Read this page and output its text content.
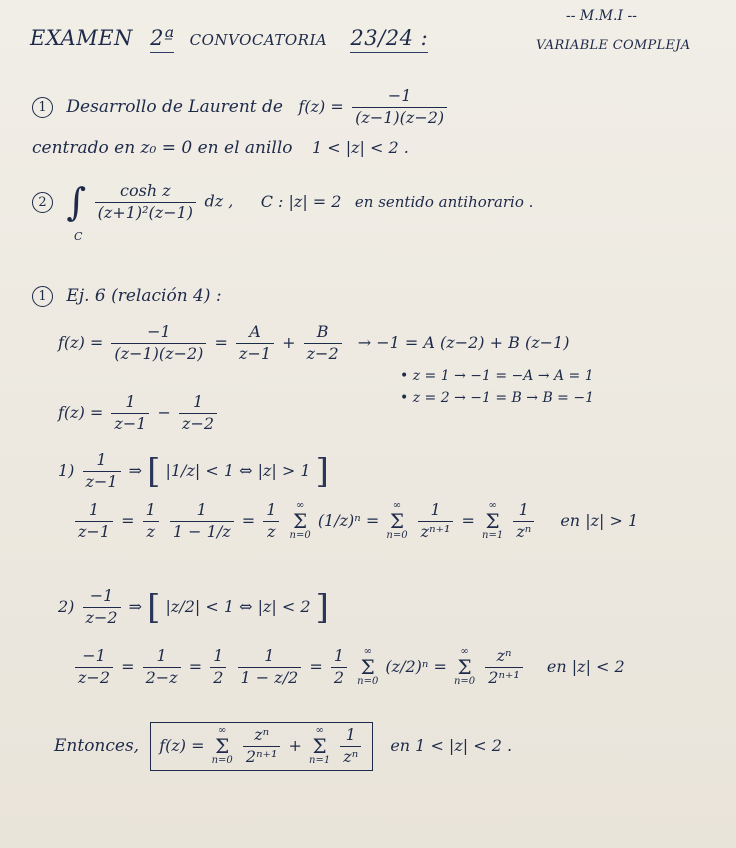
EXAMEN 2ª CONVOCATORIA 23/24 :
-- M.M.I --
VARIABLE COMPLEJA
1 Desarrollo de Laurent de $f(z) = \frac{-1}{(z-1)(z-2)}$
centrado en z₀ = 0 en el anillo 1 < |z| < 2 .
2 ∫ $\frac{\text{cosh z}}{\text{(z+1)²(z−1)}}$ dz , C : |z| = 2 en sentido antihorario .
C
1 Ej. 6 (relación 4) :
$f(z) = \frac{-1}{(z-1)(z-2)} = \frac{A}{z-1} + \frac{B}{z-2} \to -1 = A$ (z−2) + B (z−1)
• z = 1 → −1 = −A → A = 1
• z = 2 → −1 = B → B = −1
$f(z) = \frac{1}{z-1} - \frac{1}{z-2}$
$1) \frac{1}{z-1}$ ⇒ [ |1/z| < 1 ⇔ |z| > 1 ]
$\frac{1}{z-1} = \frac{1}{z}$
$\frac{1}{1 - 1/z} = \frac{1}{z}$
	∞
Σ
n=0
(1/z)ⁿ =
∞
Σ
n=0
$\frac{1}{\text{zⁿ⁺¹}}$ =
∞
Σ
n=1
$\frac{1}{\text{zⁿ}}$ en |z| > 1
$2) \frac{-1}{z-2}$ ⇒ [ |z/2| < 1 ⇔ |z| < 2 ]
$\frac{-1}{z-2} = \frac{1}{2-z} = \frac{1}{2}$
$\frac{1}{1 - z/2} = \frac{1}{2}$
	∞
Σ
n=0
(z/2)ⁿ =
∞
Σ
n=0
$\frac{\text{zⁿ}}{\text{2ⁿ⁺¹}}$ en |z| < 2
Entonces, f(z) =
∞
Σ
n=0
$\frac{\text{zⁿ}}{\text{2ⁿ⁺¹}}$ +
∞
Σ
n=1
$\frac{1}{\text{zⁿ}}$ en 1 < |z| < 2 .
